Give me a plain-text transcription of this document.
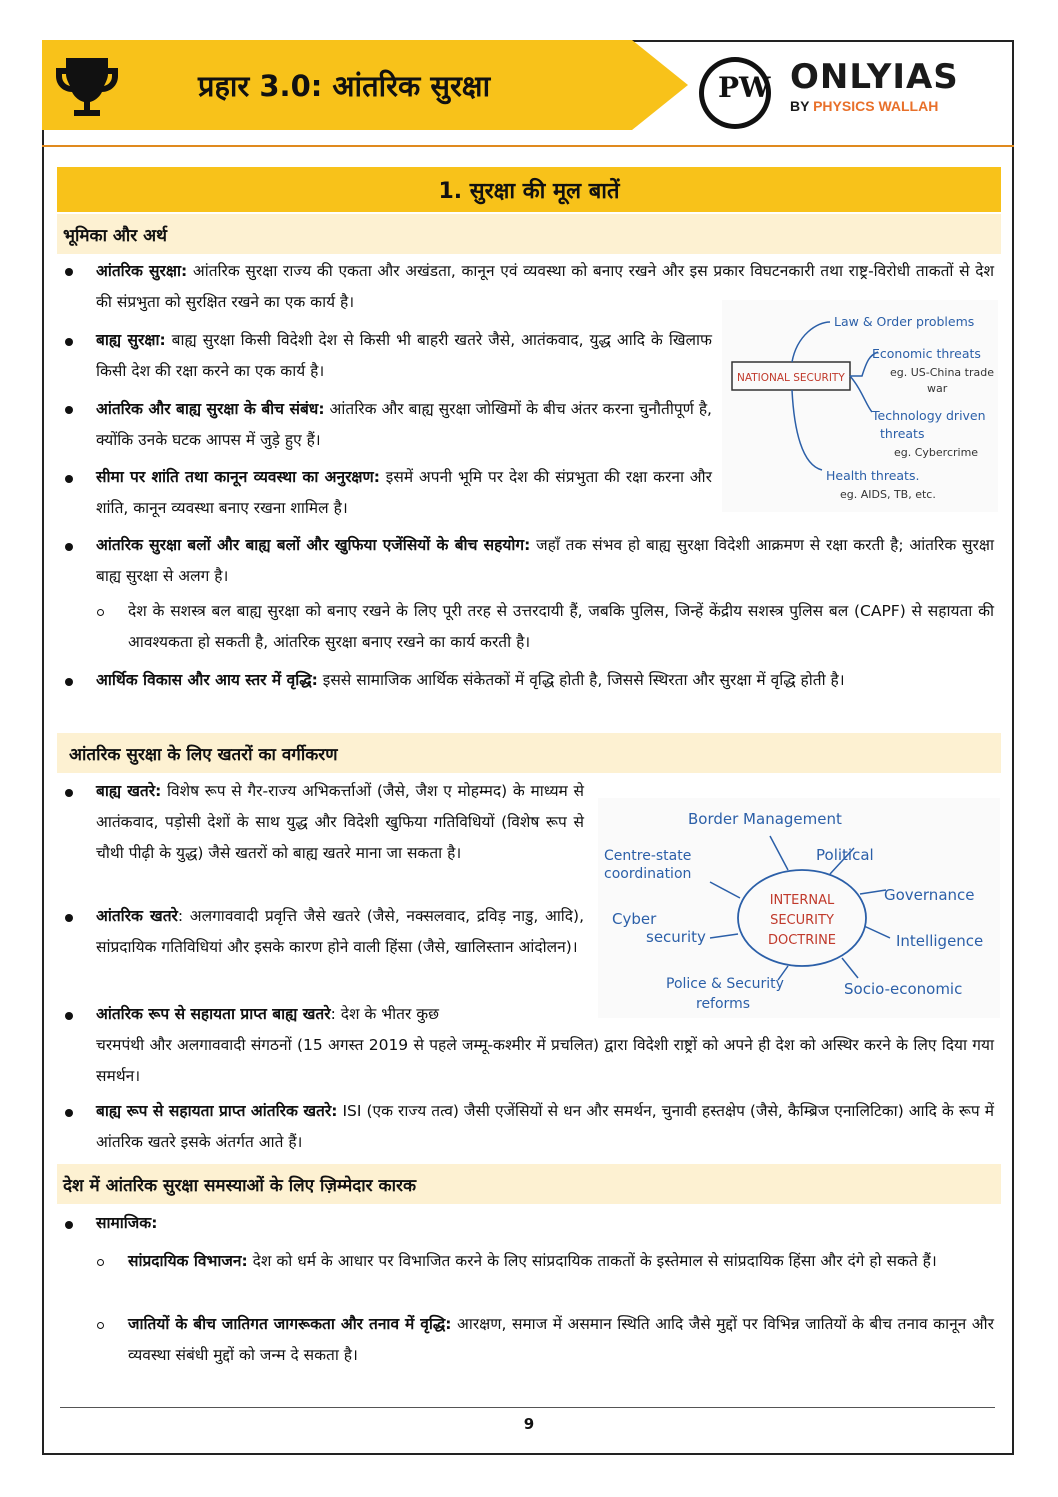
प्रहार 3.0: आंतरिक सुरक्षा	PW ONLYIAS
BY PHYSICS WALLAH
1. सुरक्षा की मूल बातें
भूमिका और अर्थ
आंतरिक सुरक्षा: आंतरिक सुरक्षा राज्य की एकता और अखंडता, कानून एवं व्यवस्था को बनाए रखने और इस प्रकार विघटनकारी तथा राष्ट्र-विरोधी ताकतों से देश की संप्रभुता को सुरक्षित रखने का एक कार्य है।
बाह्य सुरक्षा: बाह्य सुरक्षा किसी विदेशी देश से किसी भी बाहरी खतरे जैसे, आतंकवाद, युद्ध आदि के खिलाफ किसी देश की रक्षा करने का एक कार्य है।
आंतरिक और बाह्य सुरक्षा के बीच संबंध: आंतरिक और बाह्य सुरक्षा जोखिमों के बीच अंतर करना चुनौतीपूर्ण है, क्योंकि उनके घटक आपस में जुड़े हुए हैं।
सीमा पर शांति तथा कानून व्यवस्था का अनुरक्षण: इसमें अपनी भूमि पर देश की संप्रभुता की रक्षा करना और शांति, कानून व्यवस्था बनाए रखना शामिल है।
आंतरिक सुरक्षा बलों और बाह्य बलों और खुफिया एजेंसियों के बीच सहयोग: जहाँ तक संभव हो बाह्य सुरक्षा विदेशी आक्रमण से रक्षा करती है; आंतरिक सुरक्षा बाह्य सुरक्षा से अलग है।
देश के सशस्त्र बल बाह्य सुरक्षा को बनाए रखने के लिए पूरी तरह से उत्तरदायी हैं, जबकि पुलिस, जिन्हें केंद्रीय सशस्त्र पुलिस बल (CAPF) से सहायता की आवश्यकता हो सकती है, आंतरिक सुरक्षा बनाए रखने का कार्य करती है।
आर्थिक विकास और आय स्तर में वृद्धि: इससे सामाजिक आर्थिक संकेतकों में वृद्धि होती है, जिससे स्थिरता और सुरक्षा में वृद्धि होती है।
NATIONAL SECURITY
Law & Order problems
Economic threats
eg. US-China trade
war
Technology driven
threats
eg. Cybercrime
Health threats.
eg. AIDS, TB, etc.
आंतरिक सुरक्षा के लिए खतरों का वर्गीकरण
बाह्य खतरे: विशेष रूप से गैर-राज्य अभिकर्त्ताओं (जैसे, जैश ए मोहम्मद) के माध्यम से आतंकवाद, पड़ोसी देशों के साथ युद्ध और विदेशी खुफिया गतिविधियों (विशेष रूप से चौथी पीढ़ी के युद्ध) जैसे खतरों को बाह्य खतरे माना जा सकता है।
आंतरिक खतरे: अलगाववादी प्रवृत्ति जैसे खतरे (जैसे, नक्सलवाद, द्रविड़ नाडु, आदि), सांप्रदायिक गतिविधियां और इसके कारण होने वाली हिंसा (जैसे, खालिस्तान आंदोलन)।
आंतरिक रूप से सहायता प्राप्त बाह्य खतरे: देश के भीतर कुछ
चरमपंथी और अलगाववादी संगठनों (15 अगस्त 2019 से पहले जम्मू-कश्मीर में प्रचलित) द्वारा विदेशी राष्ट्रों को अपने ही देश को अस्थिर करने के लिए दिया गया समर्थन।
बाह्य रूप से सहायता प्राप्त आंतरिक खतरे: ISI (एक राज्य तत्व) जैसी एजेंसियों से धन और समर्थन, चुनावी हस्तक्षेप (जैसे, कैम्ब्रिज एनालिटिका) आदि के रूप में आंतरिक खतरे इसके अंतर्गत आते हैं।
INTERNAL
SECURITY
DOCTRINE
Border Management
Political
Governance
Intelligence
Socio-economic
Police & Security
reforms
Cyber
security
Centre-state
coordination
देश में आंतरिक सुरक्षा समस्याओं के लिए ज़िम्मेदार कारक
सामाजिक:
सांप्रदायिक विभाजन: देश को धर्म के आधार पर विभाजित करने के लिए सांप्रदायिक ताकतों के इस्तेमाल से सांप्रदायिक हिंसा और दंगे हो सकते हैं।
जातियों के बीच जातिगत जागरूकता और तनाव में वृद्धि: आरक्षण, समाज में असमान स्थिति आदि जैसे मुद्दों पर विभिन्न जातियों के बीच तनाव कानून और व्यवस्था संबंधी मुद्दों को जन्म दे सकता है।
9
